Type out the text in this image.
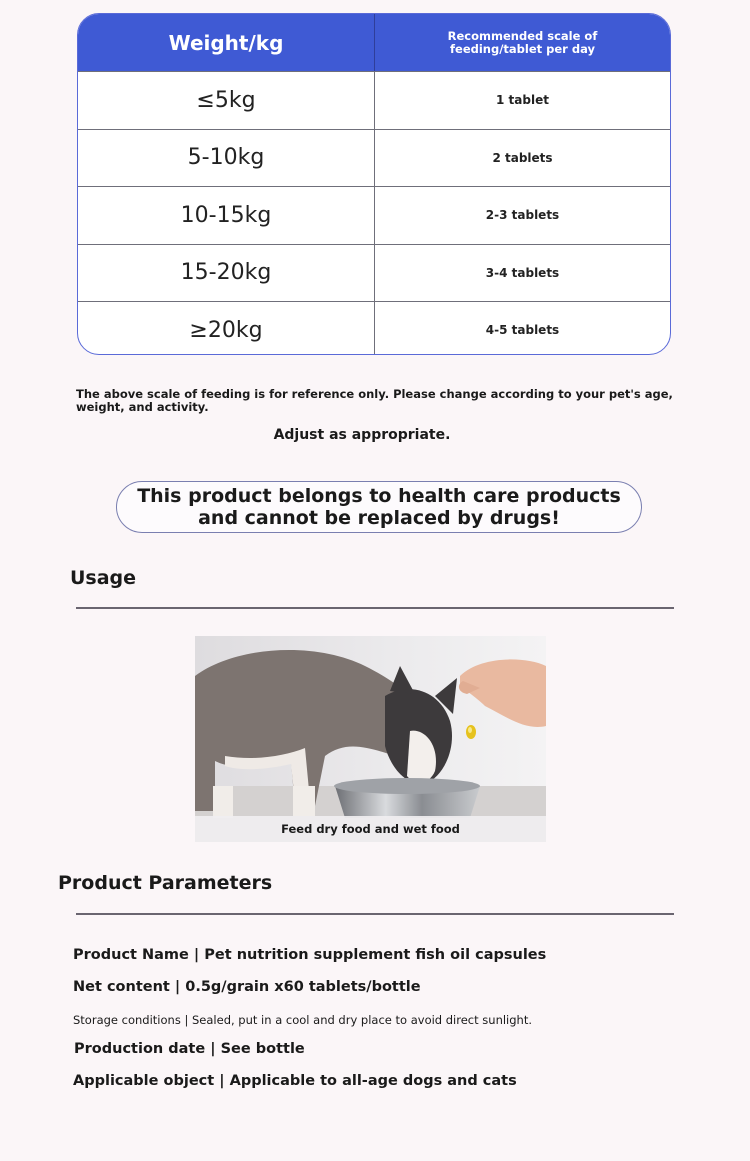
Weight/kg	Recommended scale of feeding/tablet per day
≤5kg	1 tablet
5-10kg	2 tablets
10-15kg	2-3 tablets
15-20kg	3-4 tablets
≥20kg	4-5 tablets
The above scale of feeding is for reference only. Please change according to your pet's age, weight, and activity.
Adjust as appropriate.
This product belongs to health care products and cannot be replaced by drugs!
Usage
Feed dry food and wet food
Product Parameters
Product Name | Pet nutrition supplement fish oil capsules
Net content | 0.5g/grain x60 tablets/bottle
Storage conditions | Sealed, put in a cool and dry place to avoid direct sunlight.
Production date | See bottle
Applicable object | Applicable to all-age dogs and cats
